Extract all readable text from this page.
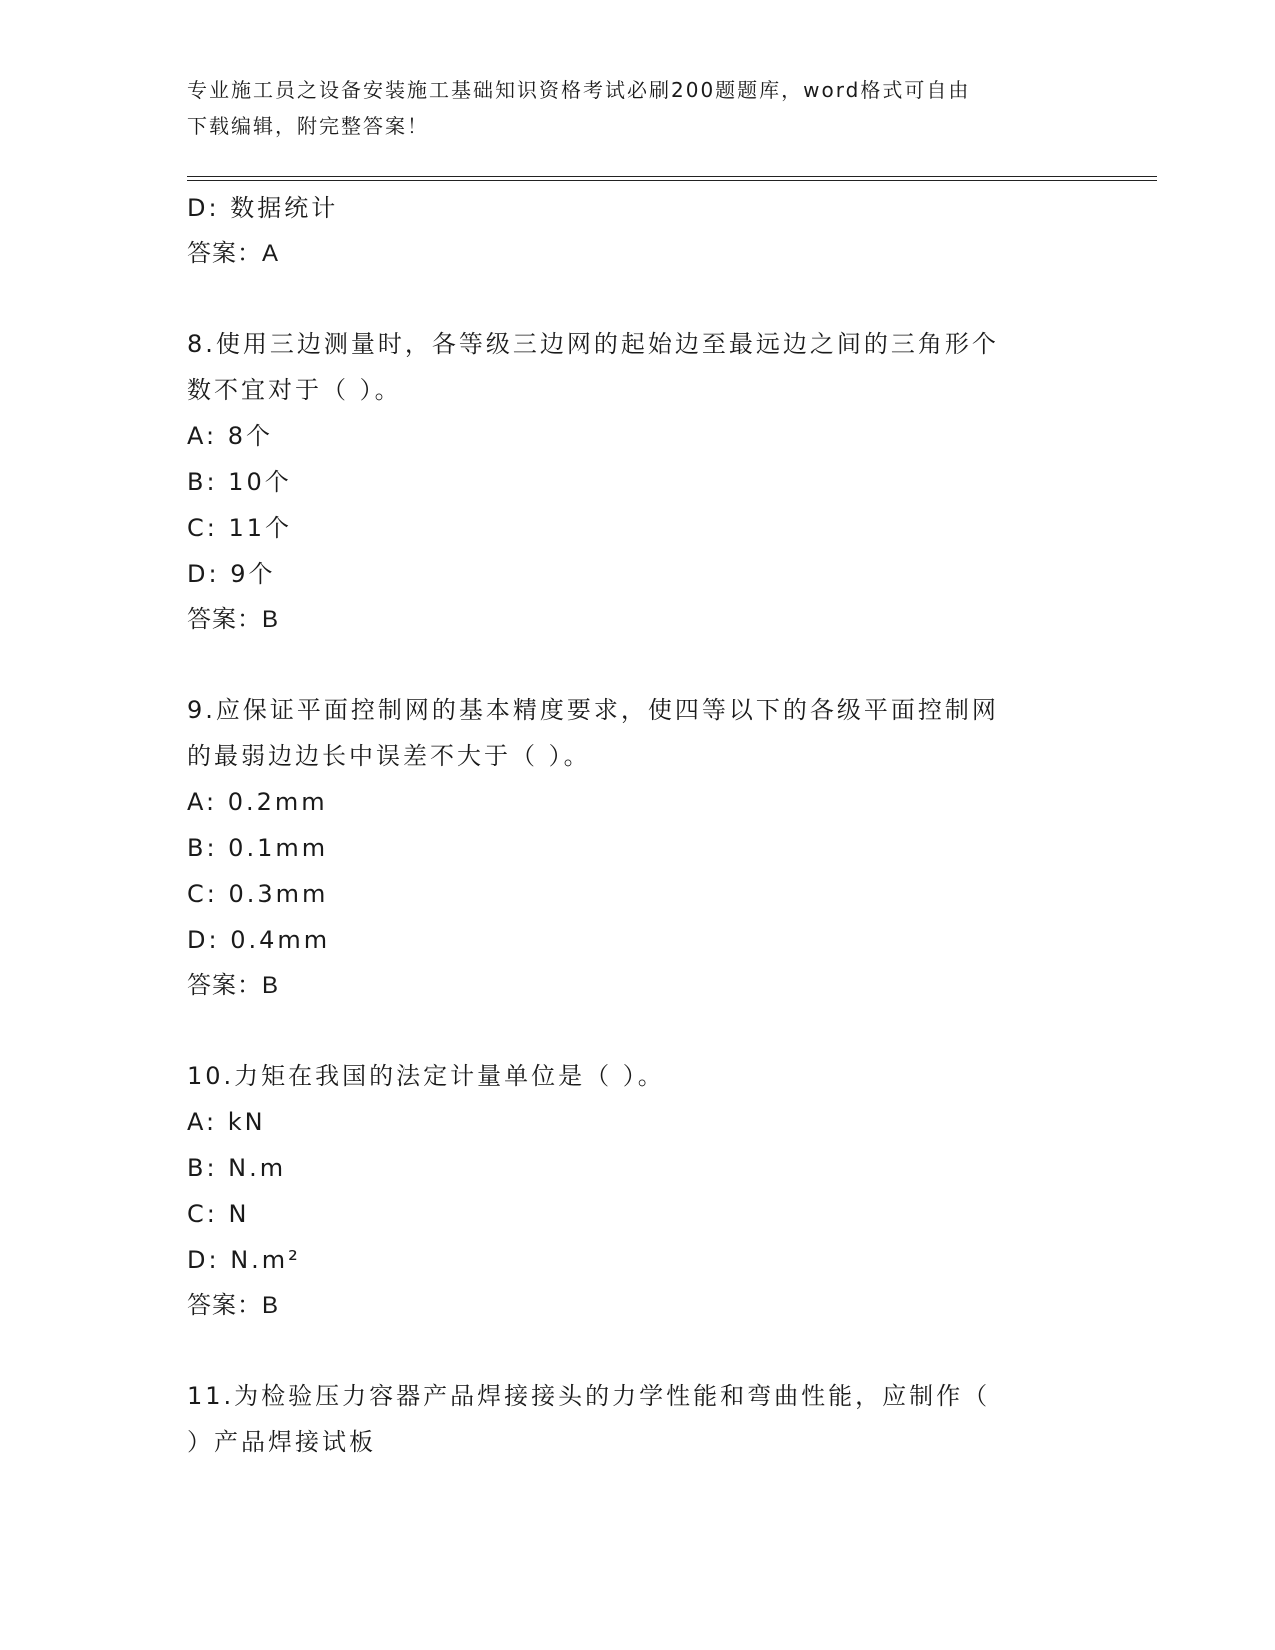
专业施工员之设备安装施工基础知识资格考试必刷200题题库，word格式可自由
下载编辑，附完整答案！
D: 数据统计
答案：A
8.使用三边测量时，各等级三边网的起始边至最远边之间的三角形个
数不宜对于（ ）。
A: 8个
B: 10个
C: 11个
D: 9个
答案：B
9.应保证平面控制网的基本精度要求，使四等以下的各级平面控制网
的最弱边边长中误差不大于（ ）。
A: 0.2mm
B: 0.1mm
C: 0.3mm
D: 0.4mm
答案：B
10.力矩在我国的法定计量单位是（ ）。
A: kN
B: N.m
C: N
D: N.m²
答案：B
11.为检验压力容器产品焊接接头的力学性能和弯曲性能，应制作（
）产品焊接试板
